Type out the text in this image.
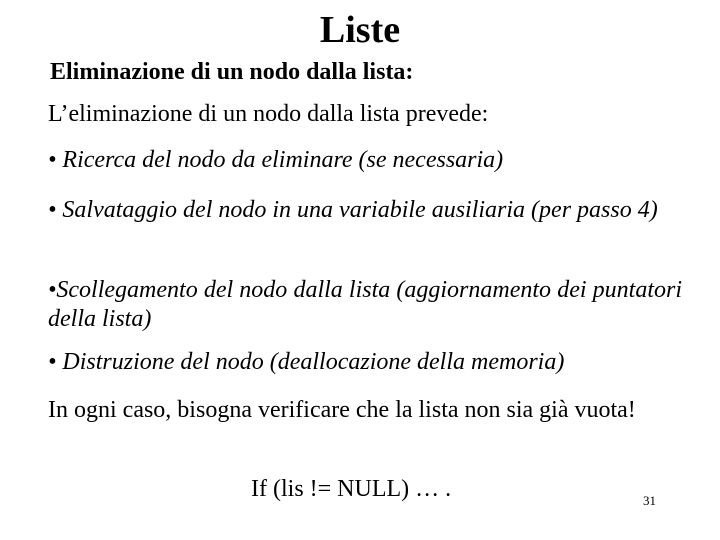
Liste
Eliminazione di un nodo dalla lista:
L’eliminazione di un nodo dalla lista prevede:
• Ricerca del nodo da eliminare (se necessaria)
• Salvataggio del nodo in una variabile ausiliaria (per passo 4)
•Scollegamento del nodo dalla lista (aggiornamento dei puntatori della lista)
• Distruzione del nodo (deallocazione della memoria)
In ogni caso, bisogna verificare che la lista non sia già vuota!
If (lis != NULL) … .	31
